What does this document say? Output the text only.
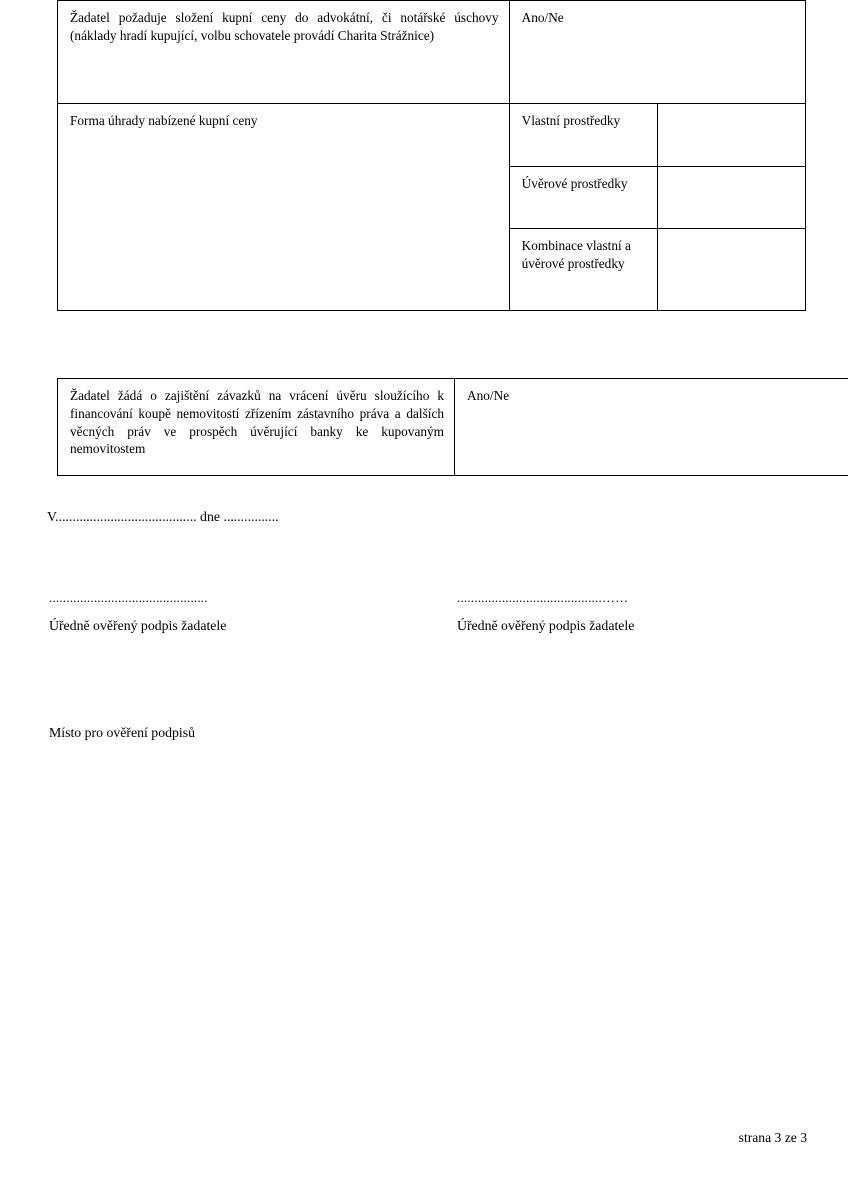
Žadatel požaduje složení kupní ceny do advokátní, či notářské úschovy (náklady hradí kupující, volbu schovatele provádí Charita Strážnice)	Ano/Ne	
Forma úhrady nabízené kupní ceny	Vlastní prostředky	
	Úvěrové prostředky	
	Kombinace vlastní a úvěrové prostředky	
Žadatel žádá o zajištění závazků na vrácení úvěru sloužícího k financování koupě nemovitostí zřízením zástavního práva a dalších věcných práv ve prospěch úvěrující banky ke kupovaným nemovitostem	Ano/Ne
V......................................... dne ................
..............................................	..........................................……
Úředně ověřený podpis žadatele	Úředně ověřený podpis žadatele
Místo pro ověření podpisů
strana 3 ze 3
